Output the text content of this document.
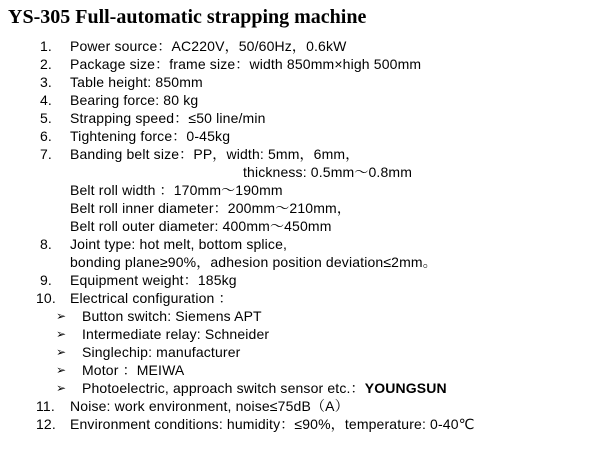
YS-305 Full-automatic strapping machine
1. Power source：AC220V，50/60Hz，0.6kW
2. Package size：frame size：width 850mm×high 500mm
3. Table height: 850mm
4. Bearing force: 80 kg
5. Strapping speed：≤50 line/min
6. Tightening force：0-45kg
7. Banding belt size：PP，width: 5mm，6mm，
thickness: 0.5mm～0.8mm
Belt roll width ：170mm～190mm
Belt roll inner diameter：200mm～210mm，
Belt roll outer diameter: 400mm～450mm
8. Joint type: hot melt, bottom splice,
bonding plane≥90%，adhesion position deviation≤2mm。
9. Equipment weight：185kg
10. Electrical configuration ：
➢ Button switch: Siemens APT
➢ Intermediate relay: Schneider
➢ Singlechip: manufacturer
➢ Motor ：MEIWA
➢ Photoelectric, approach switch sensor etc.：YOUNGSUN
11. Noise: work environment, noise≤75dB（A）
12. Environment conditions: humidity：≤90%，temperature: 0-40℃
